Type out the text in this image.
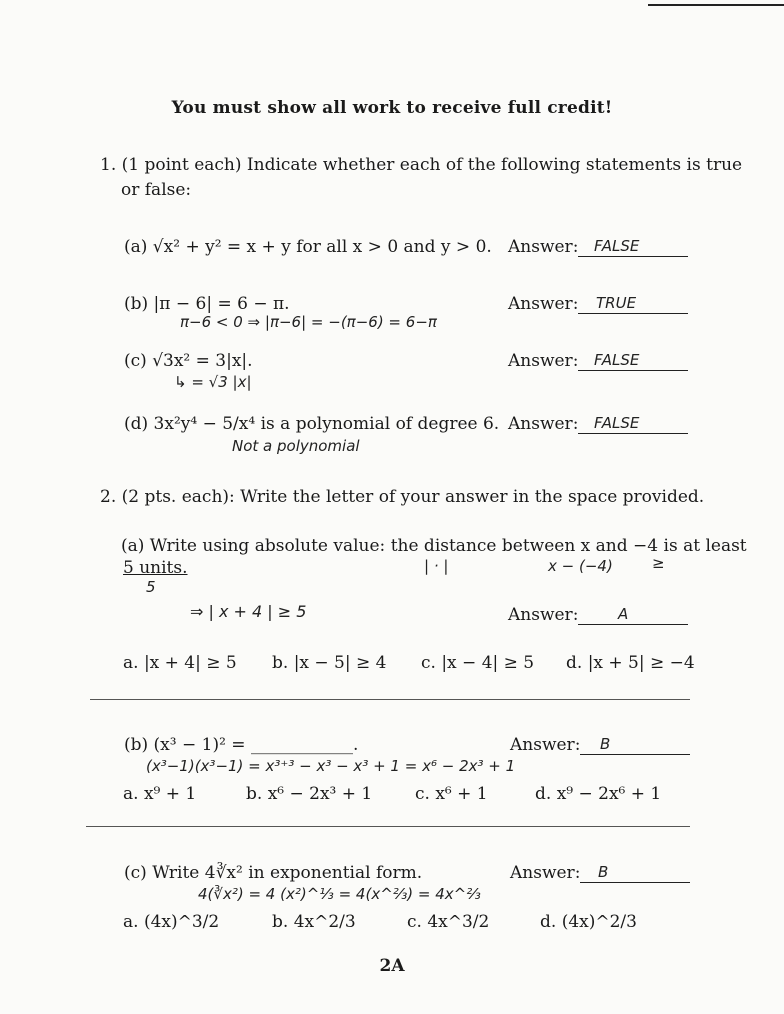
You must show all work to receive full credit!
1. (1 point each) Indicate whether each of the following statements is true
or false:
(a) √x² + y² = x + y for all x > 0 and y > 0. Answer:	FALSE
(b) |π − 6| = 6 − π.
π−6 < 0 ⇒ |π−6| = −(π−6) = 6−π
Answer:	TRUE
(c) √3x² = 3|x|.
↳ = √3 |x|
Answer:	FALSE
(d) 3x²y⁴ − 5/x⁴ is a polynomial of degree 6.
Not a polynomial
Answer:	FALSE
2. (2 pts. each): Write the letter of your answer in the space provided.
(a) Write using absolute value: the distance between x and −4 is at least
5 units.	| · |	x − (−4)	≥
5
⇒ | x + 4 | ≥ 5	Answer:	A
a. |x + 4| ≥ 5 b. |x − 5| ≥ 4 c. |x − 4| ≥ 5 d. |x + 5| ≥ −4
(b) (x³ − 1)² = ____________.
(x³−1)(x³−1) = x³⁺³ − x³ − x³ + 1 = x⁶ − 2x³ + 1
Answer:	B
a. x⁹ + 1	b. x⁶ − 2x³ + 1	c. x⁶ + 1	d. x⁹ − 2x⁶ + 1
(c) Write 4∛x² in exponential form.
4(∛x²) = 4 (x²)^⅓ = 4(x^⅔) = 4x^⅔
Answer:	B
a. (4x)^3/2	b. 4x^2/3	c. 4x^3/2	d. (4x)^2/3
2A
